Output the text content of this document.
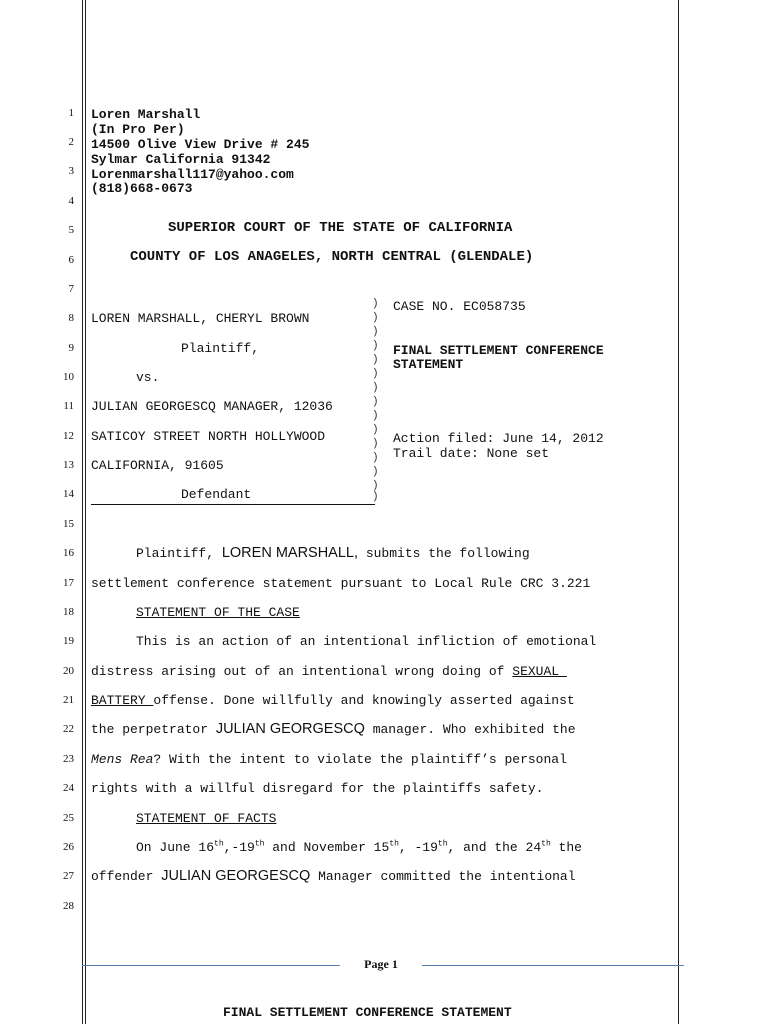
1
2
3
4
5
6
7
8
9
10
11
12
13
14
15
16
17
18
19
20
21
22
23
24
25
26
27
28
Loren Marshall
(In Pro Per)
14500 Olive View Drive # 245
Sylmar California 91342
Lorenmarshall117@yahoo.com
(818)668-0673
SUPERIOR COURT OF THE STATE OF CALIFORNIA
COUNTY OF LOS ANAGELES, NORTH CENTRAL (GLENDALE)
LOREN MARSHALL, CHERYL BROWN
Plaintiff,
vs.
JULIAN GEORGESCQ MANAGER, 12036
SATICOY STREET NORTH HOLLYWOOD
CALIFORNIA, 91605
Defendant
)
)
)
)
)
)
)
)
)
)
)
)
)
)
)
CASE NO. EC058735
FINAL SETTLEMENT CONFERENCE
STATEMENT
Action filed: June 14, 2012
Trail date: None set
Plaintiff, LOREN MARSHALL, submits the following
settlement conference statement pursuant to Local Rule CRC 3.221
STATEMENT OF THE CASE
This is an action of an intentional infliction of emotional
distress arising out of an intentional wrong doing of SEXUAL
BATTERY offense. Done willfully and knowingly asserted against
the perpetrator JULIAN GEORGESCQ manager. Who exhibited the
Mens Rea? With the intent to violate the plaintiff’s personal
rights with a willful disregard for the plaintiffs safety.
STATEMENT OF FACTS
On June 16th,-19th and November 15th, -19th, and the 24th the
offender JULIAN GEORGESCQ Manager committed the intentional
Page 1
FINAL SETTLEMENT CONFERENCE STATEMENT
